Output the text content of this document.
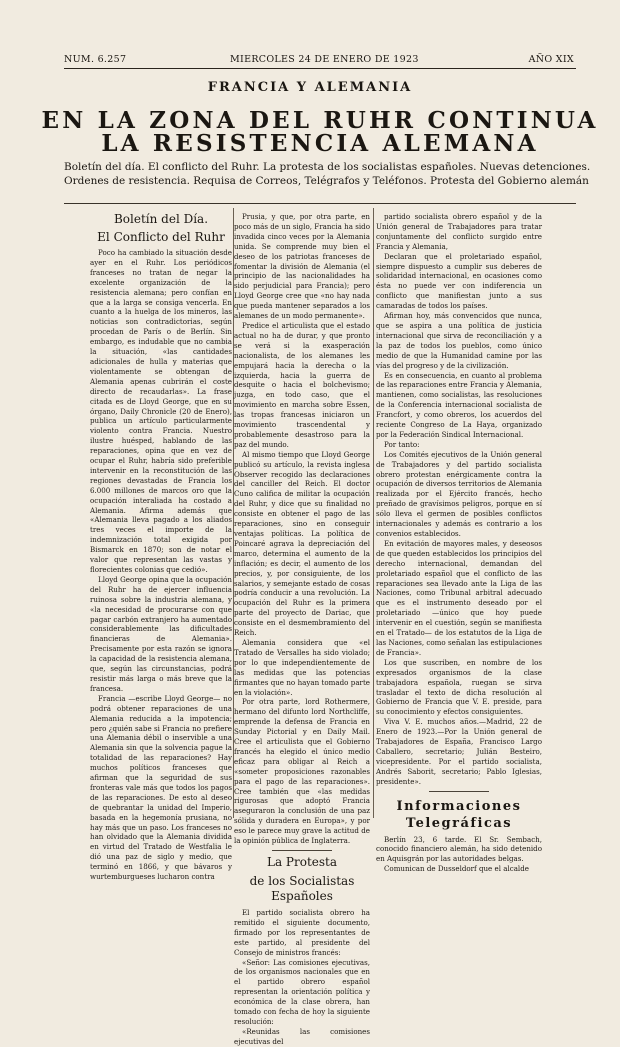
NUM. 6.257	MIERCOLES 24 DE ENERO DE 1923	AÑO XIX
FRANCIA Y ALEMANIA
EN LA ZONA DEL RUHR CONTINUA
LA RESISTENCIA ALEMANA
Boletín del día. El conflicto del Ruhr. La protesta de los socialistas españoles. Nuevas detenciones.
Ordenes de resistencia. Requisa de Correos, Telégrafos y Teléfonos. Protesta del Gobierno alemán
Boletín del Día.
El Conflicto del Ruhr

Poco ha cambiado la situación desde ayer en el Ruhr. Los periódicos franceses no tratan de negar la excelente organización de la resistencia alemana; pero confían en que a la larga se consiga vencerla. En cuanto a la huelga de los mineros, las noticias son contradictorias, según procedan de París o de Berlín. Sin embargo, es indudable que no cambia la situación, «las cantidades adicionales de hulla y materias que violentamente se obtengan de Alemania apenas cubrirán el coste directo de recaudarlas». La frase citada es de Lloyd George, que en su órgano, Daily Chronicle (20 de Enero), publica un artículo particularmente violento contra Francia. Nuestro ilustre huésped, hablando de las reparaciones, opina que en vez de ocupar el Ruhr, habría sido preferible intervenir en la reconstitución de las regiones devastadas de Francia los 6.000 millones de marcos oro que la ocupación interaliada ha costado a Alemania. Afirma además que «Alemania lleva pagado a los aliados tres veces el importe de la indemnización total exigida por Bismarck en 1870; son de notar el valor que representan las vastas y florecientes colonias que cedió».

Lloyd George opina que la ocupación del Ruhr ha de ejercer influencia ruinosa sobre la industria alemana, y «la necesidad de procurarse con que pagar carbón extranjero ha aumentado considerablemente las dificultades financieras de Alemania». Precisamente por esta razón se ignora la capacidad de la resistencia alemana, que, según las circunstancias, podrá resistir más larga o más breve que la francesa.

Francia —escribe Lloyd George— no podrá obtener reparaciones de una Alemania reducida a la impotencia; pero ¿quién sabe si Francia no prefiere una Alemania débil o inservible a una Alemania sin que la solvencia pague la totalidad de las reparaciones? Hay muchos políticos franceses que afirman que la seguridad de sus fronteras vale más que todos los pagos de las reparaciones. De esto al deseo de quebrantar la unidad del Imperio, basada en la hegemonía prusiana, no hay más que un paso. Los franceses no han olvidado que la Alemania dividida en virtud del Tratado de Westfalia le dió una paz de siglo y medio, que terminó en 1866, y que bávaros y wurtemburgueses lucharon contra

Prusia, y que, por otra parte, en poco más de un siglo, Francia ha sido invadida cinco veces por la Alemania unida. Se comprende muy bien el deseo de los patriotas franceses de fomentar la división de Alemania (el principio de las nacionalidades ha sido perjudicial para Francia); pero Lloyd George cree que «no hay nada que pueda mantener separados a los alemanes de un modo permanente».

Predice el articulista que el estado actual no ha de durar, y que pronto se verá si la exasperación nacionalista, de los alemanes les empujará hacia la derecha o la izquierda, hacia la guerra de desquite o hacia el bolchevismo; juzga, en todo caso, que el movimiento en marcha sobre Essen, las tropas francesas iniciaron un movimiento trascendental y probablemente desastroso para la paz del mundo.

Al mismo tiempo que Lloyd George publicó su artículo, la revista inglesa Observer recogido las declaraciones del canciller del Reich. El doctor Cuno califica de militar la ocupación del Ruhr, y dice que su finalidad no consiste en obtener el pago de las reparaciones, sino en conseguir ventajas políticas. La política de Poincaré agrava la depreciación del marco, determina el aumento de la inflación; es decir, el aumento de los precios, y, por consiguiente, de los salarios, y semejante estado de cosas podría conducir a una revolución. La ocupación del Ruhr es la primera parte del proyecto de Dariac, que consiste en el desmembramiento del Reich.

Alemania considera que «el Tratado de Versalles ha sido violado; por lo que independientemente de las medidas que las potencias firmantes que no hayan tomado parte en la violación».

Por otra parte, lord Rothermere, hermano del difunto lord Northcliffe, emprende la defensa de Francia en Sunday Pictorial y en Daily Mail. Cree el articulista que el Gobierno francés ha elegido el único medio eficaz para obligar al Reich a «someter proposiciones razonables para el pago de las reparaciones». Cree también que «las medidas rigurosas que adoptó Francia aseguraron la conclusión de una paz sólida y duradera en Europa», y por eso le parece muy grave la actitud de la opinión pública de Inglaterra.

La Protesta
de los Socialistas Españoles

El partido socialista obrero ha remitido el siguiente documento, firmado por los representantes de este partido, al presidente del Consejo de ministros francés:

«Señor: Las comisiones ejecutivas, de los organismos nacionales que en el partido obrero español representan la orientación política y económica de la clase obrera, han tomado con fecha de hoy la siguiente resolución:

«Reunidas las comisiones ejecutivas del

partido socialista obrero español y de la Unión general de Trabajadores para tratar conjuntamente del conflicto surgido entre Francia y Alemania,

Declaran que el proletariado español, siempre dispuesto a cumplir sus deberes de solidaridad internacional, en ocasiones como ésta no puede ver con indiferencia un conflicto que manifiestan junto a sus camaradas de todos los países.

Afirman hoy, más convencidos que nunca, que se aspira a una política de justicia internacional que sirva de reconciliación y a la paz de todos los pueblos, como único medio de que la Humanidad camine por las vías del progreso y de la civilización.

Es en consecuencia, en cuanto al problema de las reparaciones entre Francia y Alemania, mantienen, como socialistas, las resoluciones de la Conferencia internacional socialista de Francfort, y como obreros, los acuerdos del reciente Congreso de La Haya, organizado por la Federación Sindical Internacional.

Por tanto:

Los Comités ejecutivos de la Unión general de Trabajadores y del partido socialista obrero protestan enérgicamente contra la ocupación de diversos territorios de Alemania realizada por el Ejército francés, hecho preñado de gravísimos peligros, porque en sí sólo lleva el germen de posibles conflictos internacionales y además es contrario a los convenios establecidos.

En evitación de mayores males, y deseosos de que queden establecidos los principios del derecho internacional, demandan del proletariado español que el conflicto de las reparaciones sea llevado ante la Liga de las Naciones, como Tribunal arbitral adecuado que es el instrumento deseado por el proletariado —único que hoy puede intervenir en el cuestión, según se manifiesta en el Tratado— de los estatutos de la Liga de las Naciones, como señalan las estipulaciones de Francia».

Los que suscriben, en nombre de los expresados organismos de la clase trabajadora española, ruegan se sirva trasladar el texto de dicha resolución al Gobierno de Francia que V. E. preside, para su conocimiento y efectos consiguientes.

Viva V. E. muchos años.—Madrid, 22 de Enero de 1923.—Por la Unión general de Trabajadores de España, Francisco Largo Caballero, secretario; Julián Besteiro, vicepresidente. Por el partido socialista, Andrés Saborit, secretario; Pablo Iglesias, presidente».

Informaciones Telegráficas

Berlín 23, 6 tarde. El Sr. Sembach, conocido financiero alemán, ha sido detenido en Aquisgrán por las autoridades belgas.

Comunican de Dusseldorf que el alcalde
